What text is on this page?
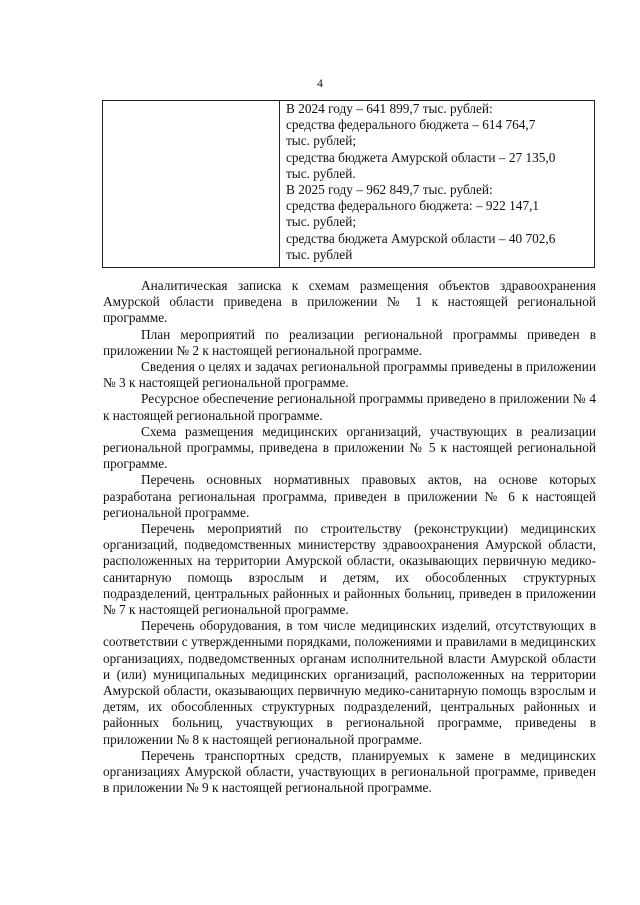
4

В 2024 году – 641 899,7 тыс. рублей:
средства федерального бюджета – 614 764,7
тыс. рублей;
средства бюджета Амурской области – 27 135,0
тыс. рублей.
В 2025 году – 962 849,7 тыс. рублей:
средства федерального бюджета: – 922 147,1
тыс. рублей;
средства бюджета Амурской области – 40 702,6
тыс. рублей

Аналитическая записка к схемам размещения объектов здравоохранения Амурской области приведена в приложении № 1 к настоящей региональной программе.

План мероприятий по реализации региональной программы приведен в приложении № 2 к настоящей региональной программе.

Сведения о целях и задачах региональной программы приведены в приложении № 3 к настоящей региональной программе.

Ресурсное обеспечение региональной программы приведено в приложении № 4 к настоящей региональной программе.

Схема размещения медицинских организаций, участвующих в реализации региональной программы, приведена в приложении № 5 к настоящей региональной программе.

Перечень основных нормативных правовых актов, на основе которых разработана региональная программа, приведен в приложении № 6 к настоящей региональной программе.

Перечень мероприятий по строительству (реконструкции) медицинских организаций, подведомственных министерству здравоохранения Амурской области, расположенных на территории Амурской области, оказывающих первичную медико-санитарную помощь взрослым и детям, их обособленных структурных подразделений, центральных районных и районных больниц, приведен в приложении № 7 к настоящей региональной программе.

Перечень оборудования, в том числе медицинских изделий, отсутствующих в соответствии с утвержденными порядками, положениями и правилами в медицинских организациях, подведомственных органам исполнительной власти Амурской области и (или) муниципальных медицинских организаций, расположенных на территории Амурской области, оказывающих первичную медико-санитарную помощь взрослым и детям, их обособленных структурных подразделений, центральных районных и районных больниц, участвующих в региональной программе, приведены в приложении № 8 к настоящей региональной программе.

Перечень транспортных средств, планируемых к замене в медицинских организациях Амурской области, участвующих в региональной программе, приведен в приложении № 9 к настоящей региональной программе.
